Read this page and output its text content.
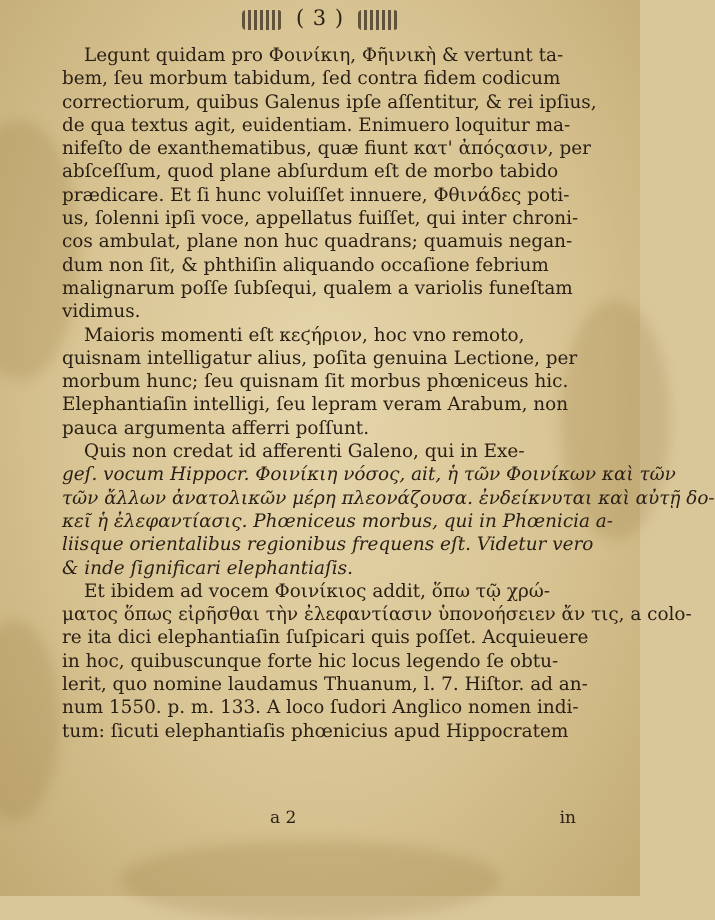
( 3 )
Legunt quidam pro Φοινίκιη, Φῆινικὴ & vertunt ta-
bem, ſeu morbum tabidum, ſed contra fidem codicum
correctiorum, quibus Galenus ipſe aſſentitur, & rei ipſius,
de qua textus agit, euidentiam. Enimuero loquitur ma-
nifeſto de exanthematibus, quæ fiunt κατ' ἀπόςασιν, per
abſceſſum, quod plane abſurdum eſt de morbo tabido
prædicare. Et ſi hunc voluiſſet innuere, Φθινάδες poti-
us, ſolenni ipſi voce, appellatus fuiſſet, qui inter chroni-
cos ambulat, plane non huc quadrans; quamuis negan-
dum non ſit, & phthiſin aliquando occaſione febrium
malignarum poſſe ſubſequi, qualem a variolis funeſtam
vidimus.
Maioris momenti eſt κεϛήριον, hoc vno remoto,
quisnam intelligatur alius, poſita genuina Lectione, per
morbum hunc; ſeu quisnam ſit morbus phœniceus hic.
Elephantiaſin intelligi, ſeu lepram veram Arabum, non
pauca argumenta afferri poſſunt.
Quis non credat id afferenti Galeno, qui in Exe-
geſ. vocum Hippocr. Φοινίκιη νόσος, ait, ἡ τῶν Φοινίκων καὶ τῶν
τῶν ἄλλων ἀνατολικῶν μέρη πλεονάζουσα. ἐνδείκνυται καὶ αὐτῇ δο-
κεῖ ἡ ἐλεφαντίασις. Phœniceus morbus, qui in Phœnicia a-
liisque orientalibus regionibus frequens eſt. Videtur vero
& inde ſignificari elephantiaſis.
Et ibidem ad vocem Φοινίκιος addit, ὅπω τῷ χρώ-
ματος ὅπως εἰρῆσθαι τὴν ἐλεφαντίασιν ὑπονοήσειεν ἄν τις, a colo-
re ita dici elephantiaſin ſuſpicari quis poſſet. Acquieuere
in hoc, quibuscunque forte hic locus legendo ſe obtu-
lerit, quo nomine laudamus Thuanum, l. 7. Hiſtor. ad an-
num 1550. p. m. 133. A loco ſudori Anglico nomen indi-
tum: ſicuti elephantiaſis phœnicius apud Hippocratem
a 2	in
